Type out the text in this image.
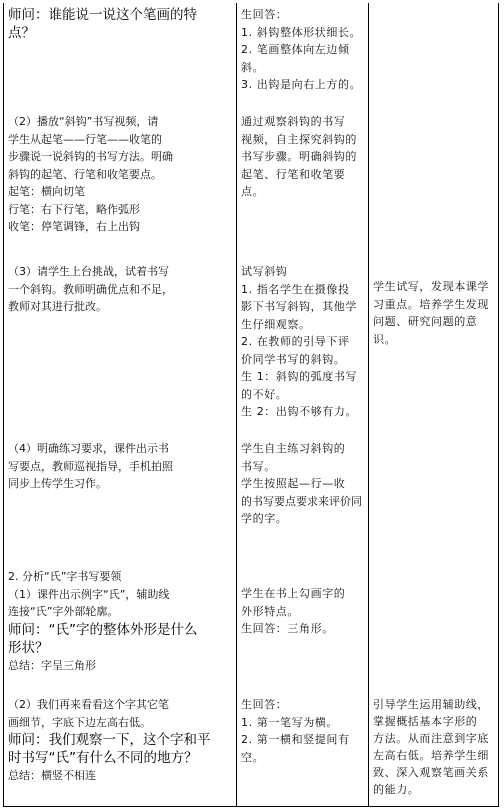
师问：谁能说一说这个笔画的特
点？
生回答：
1. 斜钩整体形状细长。
2. 笔画整体向左边倾
斜。
3. 出钩是向右上方的。
（2）播放“斜钩”书写视频，请
学生从起笔——行笔——收笔的
步骤说一说斜钩的书写方法。明确
斜钩的起笔、行笔和收笔要点。
起笔：横向切笔
行笔：右下行笔，略作弧形
收笔：停笔调锋，右上出钩
通过观察斜钩的书写
视频，自主探究斜钩的
书写步骤。明确斜钩的
起笔、行笔和收笔要
点。
（3）请学生上台挑战，试着书写
一个斜钩。教师明确优点和不足，
教师对其进行批改。
试写斜钩
1. 指名学生在摄像投
影下书写斜钩，其他学
生仔细观察。
2. 在教师的引导下评
价同学书写的斜钩。
生 1：斜钩的弧度书写
的不好。
生 2：出钩不够有力。
学生试写，发现本课学
习重点。培养学生发现
问题、研究问题的意
识。
（4）明确练习要求，课件出示书
写要点，教师巡视指导，手机拍照
同步上传学生习作。
学生自主练习斜钩的
书写。
学生按照起—行—收
的书写要点要求来评价同
学的字。
2. 分析“氏”字书写要领
（1）课件出示例字“氏”，辅助线
连接“氏”字外部轮廓。
师问：“氏”字的整体外形是什么
形状？
总结：字呈三角形
学生在书上勾画字的
外形特点。
生回答：三角形。
（2）我们再来看看这个字其它笔
画细节，字底下边左高右低。
师问：我们观察一下，这个字和平
时书写“氏”有什么不同的地方？
总结：横竖不相连
生回答：
1. 第一笔写为横。
2. 第一横和竖提间有
空。
引导学生运用辅助线，
掌握概括基本字形的
方法。从而注意到字底
左高右低。培养学生细
致、深入观察笔画关系
的能力。
